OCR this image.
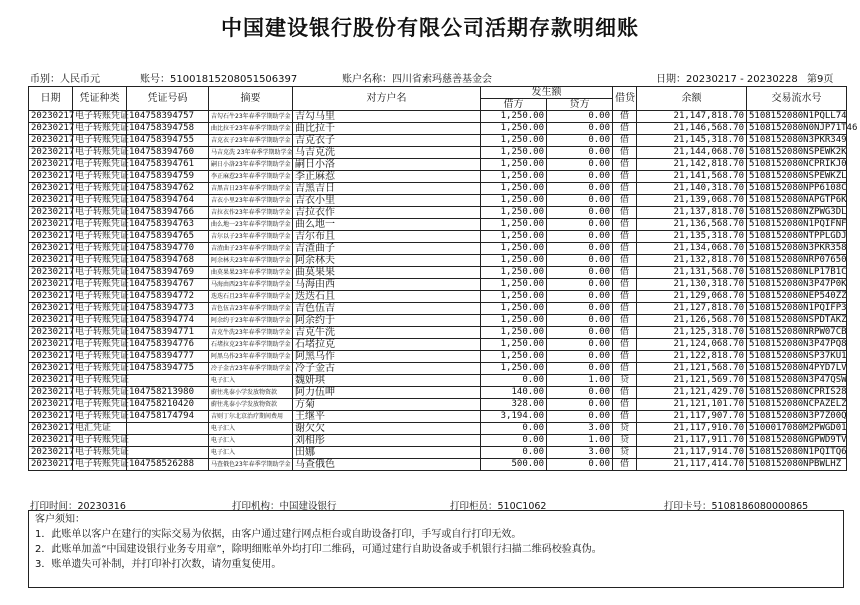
中国建设银行股份有限公司活期存款明细账
币别：人民币元	账号：51001815208051506397	账户名称：四川省索玛慈善基金会	日期：20230217 - 20230228 第9页
日期	凭证种类	凭证号码	摘要	对方户名	发生额		借贷	余额	交易流水号
					借方	贷方			
20230217	电子转账凭证	104758394757	吉勾石牛23年春季学期助学金	吉勾马里	1,250.00	0.00	借	21,147,818.70	5108152080N1PQLL74
20230217	电子转账凭证	104758394758	曲比拉千23年春季学期助学金	曲比拉千	1,250.00	0.00	借	21,146,568.70	5108152080N0NJP71T46
20230217	电子转账凭证	104758394755	吉克衣子23年春季学期助学金	吉克衣子	1,250.00	0.00	借	21,145,318.70	5108152080N3PKR349
20230217	电子转账凭证	104758394760	马吉克洗 23年春季学期助学金	马吉克洗	1,250.00	0.00	借	21,144,068.70	5108152080NSPEWK2K
20230217	电子转账凭证	104758394761	嗣日小洛23年春季学期助学金	嗣日小洛	1,250.00	0.00	借	21,142,818.70	5108152080NCPRIKJ0
20230217	电子转账凭证	104758394759	李正麻惹23年春季学期助学金	李正麻惹	1,250.00	0.00	借	21,141,568.70	5108152080NSPEWKZL
20230217	电子转账凭证	104758394762	吉黑吉日23年春季学期助学金	吉黑吉日	1,250.00	0.00	借	21,140,318.70	5108152080NPP6108C
20230217	电子转账凭证	104758394764	吉衣小里23年春季学期助学金	吉衣小里	1,250.00	0.00	借	21,139,068.70	5108152080NAPGTP6K
20230217	电子转账凭证	104758394766	吉拉衣作23年春季学期助学金	吉拉衣作	1,250.00	0.00	借	21,137,818.70	5108152080NZPWG3DL
20230217	电子转账凭证	104758394763	曲么地一23年春季学期助学金	曲么地一	1,250.00	0.00	借	21,136,568.70	5108152080N1PQIFNF
20230217	电子转账凭证	104758394765	吉尔以子23年春季学期助学金	吉尔布且	1,250.00	0.00	借	21,135,318.70	5108152080NTPPLGDJ
20230217	电子转账凭证	104758394770	吉渣曲子23年春季学期助学金	吉渣曲子	1,250.00	0.00	借	21,134,068.70	5108152080N3PKR358
20230217	电子转账凭证	104758394768	阿余林夫23年春季学期助学金	阿余林夫	1,250.00	0.00	借	21,132,818.70	5108152080NRP07650
20230217	电子转账凭证	104758394769	曲莫果果23年春季学期助学金	曲莫果果	1,250.00	0.00	借	21,131,568.70	5108152080NLP17B1C
20230217	电子转账凭证	104758394767	马海由西23年春季学期助学金	马海由西	1,250.00	0.00	借	21,130,318.70	5108152080N3P47P0K
20230217	电子转账凭证	104758394772	迭迭石且23年春季学期助学金	迭迭石且	1,250.00	0.00	借	21,129,068.70	5108152080NEP540ZZ
20230217	电子转账凭证	104758394773	吉色伍吉23年春季学期助学金	吉色伍吉	1,250.00	0.00	借	21,127,818.70	5108152080N1PQIFP3
20230217	电子转账凭证	104758394774	阿余约于23年春季学期助学金	阿余约于	1,250.00	0.00	借	21,126,568.70	5108152080NSPDTAKZ
20230217	电子转账凭证	104758394771	吉克牛洗23年春季学期助学金	吉克牛洗	1,250.00	0.00	借	21,125,318.70	5108152080NRPW07CB
20230217	电子转账凭证	104758394776	石堵拉克23年春季学期助学金	石堵拉克	1,250.00	0.00	借	21,124,068.70	5108152080N3P47PQ8
20230217	电子转账凭证	104758394777	阿黑乌作23年春季学期助学金	阿黑乌作	1,250.00	0.00	借	21,122,818.70	5108152080NSP37KU1
20230217	电子转账凭证	104758394775	冷子金古23年春季学期助学金	冷子金古	1,250.00	0.00	借	21,121,568.70	5108152080N4PYD7LV
20230217	电子转账凭证		电子汇入	魏妍琪	0.00	1.00	贷	21,121,569.70	5108152080N3P47QSW
20230217	电子转账凭证	104758213980	蔚往兆泰小学发放物资款	阿力伍呷	140.00	0.00	借	21,121,429.70	5108152080NCPRIS28
20230217	电子转账凭证	104758210420	蔚往兆泰小学发放物资款	方菊	328.00	0.00	借	21,121,101.70	5108152080NCPAZELZ
20230217	电子转账凭证	104758174794	吉则丁尔北京治疗期间费用	王继平	3,194.00	0.00	借	21,117,907.70	5108152080N3P7Z00Q
20230217	电汇凭证		电子汇入	谢欠欠	0.00	3.00	贷	21,117,910.70	5100017080M2PWGD01
20230217	电子转账凭证		电子汇入	刘相彤	0.00	1.00	贷	21,117,911.70	5108152080NGPWD9TV
20230217	电子转账凭证		电子汇入	田娜	0.00	3.00	贷	21,117,914.70	5108152080N1PQITQ6
20230217	电子转账凭证	104758526288	马查俄色23年春季学期助学金	马查俄色	500.00	0.00	借	21,117,414.70	5108152080NPBWLHZ
打印时间：20230316	打印机构：中国建设银行	打印柜员：510C1062	打印卡号：5108186080000865
客户须知：
1．此账单以客户在建行的实际交易为依据，由客户通过建行网点柜台或自助设备打印，手写或自行打印无效。
2．此账单加盖“中国建设银行业务专用章”，除明细账单外均打印二维码，可通过建行自助设备或手机银行扫描二维码校验真伪。
3．账单遗失可补制，并打印补打次数，请勿重复使用。
